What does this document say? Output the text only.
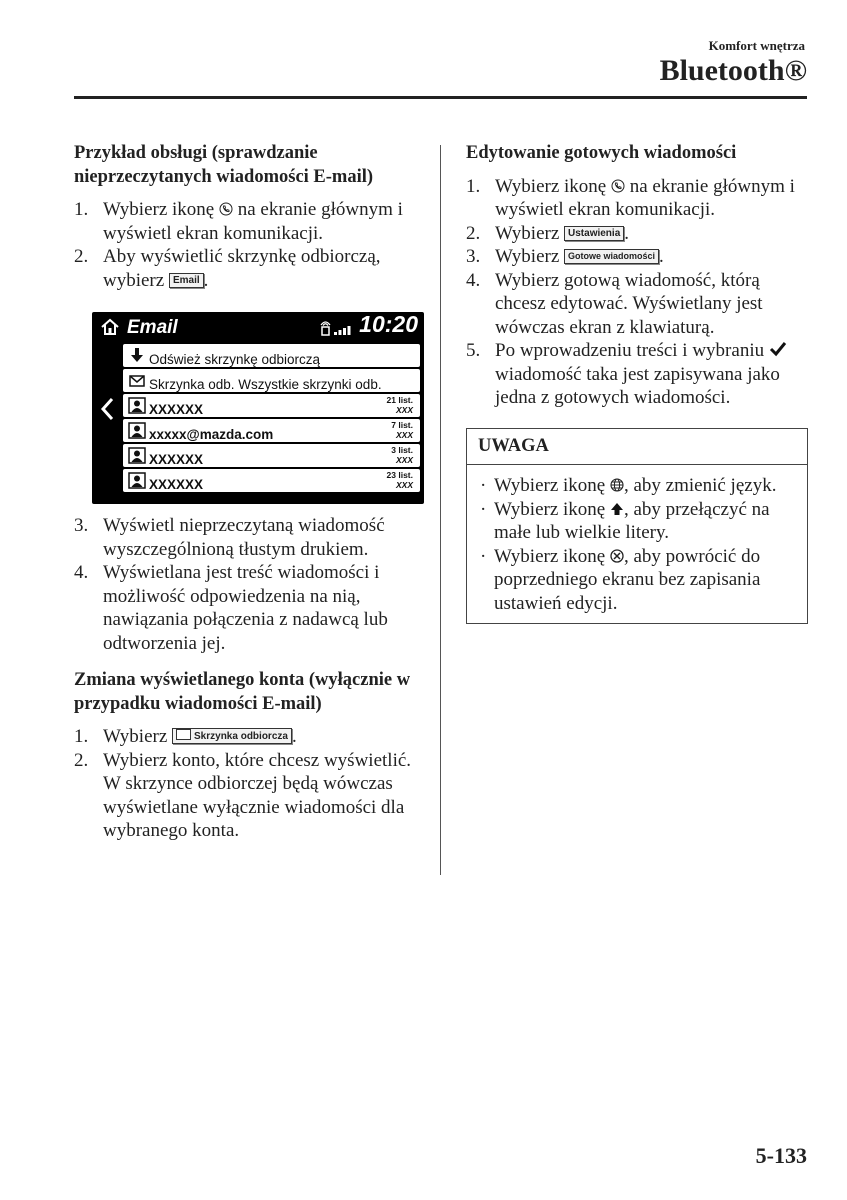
Komfort wnętrza
Bluetooth®
Przykład obsługi (sprawdzanie nieprzeczytanych wiadomości E-mail)
1. Wybierz ikonę  na ekranie głównym i wyświetl ekran komunikacji.
2. Aby wyświetlić skrzynkę odbiorczą, wybierz Email .
Email	10:20
Odśwież skrzynkę odbiorczą
Skrzynka odb. Wszystkie skrzynki odb.
XXXXXX
21 list.
XXX
xxxxx@mazda.com
7 list.
XXX
XXXXXX
3 list.
XXX
XXXXXX
23 list.
XXX
3. Wyświetl nieprzeczytaną wiadomość wyszczególnioną tłustym drukiem.
4. Wyświetlana jest treść wiadomości i możliwość odpowiedzenia na nią, nawiązania połączenia z nadawcą lub odtworzenia jej.
Zmiana wyświetlanego konta (wyłącznie w przypadku wiadomości E-mail)
1. Wybierz Skrzynka odbiorcza .
2. Wybierz konto, które chcesz wyświetlić. W skrzynce odbiorczej będą wówczas wyświetlane wyłącznie wiadomości dla wybranego konta.
Edytowanie gotowych wiadomości
1. Wybierz ikonę  na ekranie głównym i wyświetl ekran komunikacji.
2. Wybierz Ustawienia .
3. Wybierz Gotowe wiadomości .
4. Wybierz gotową wiadomość, którą chcesz edytować. Wyświetlany jest wówczas ekran z klawiaturą.
5. Po wprowadzeniu treści i wybraniu  wiadomość taka jest zapisywana jako jedna z gotowych wiadomości.
UWAGA
· Wybierz ikonę , aby zmienić język.
· Wybierz ikonę , aby przełączyć na małe lub wielkie litery.
· Wybierz ikonę , aby powrócić do poprzedniego ekranu bez zapisania ustawień edycji.
5-133
